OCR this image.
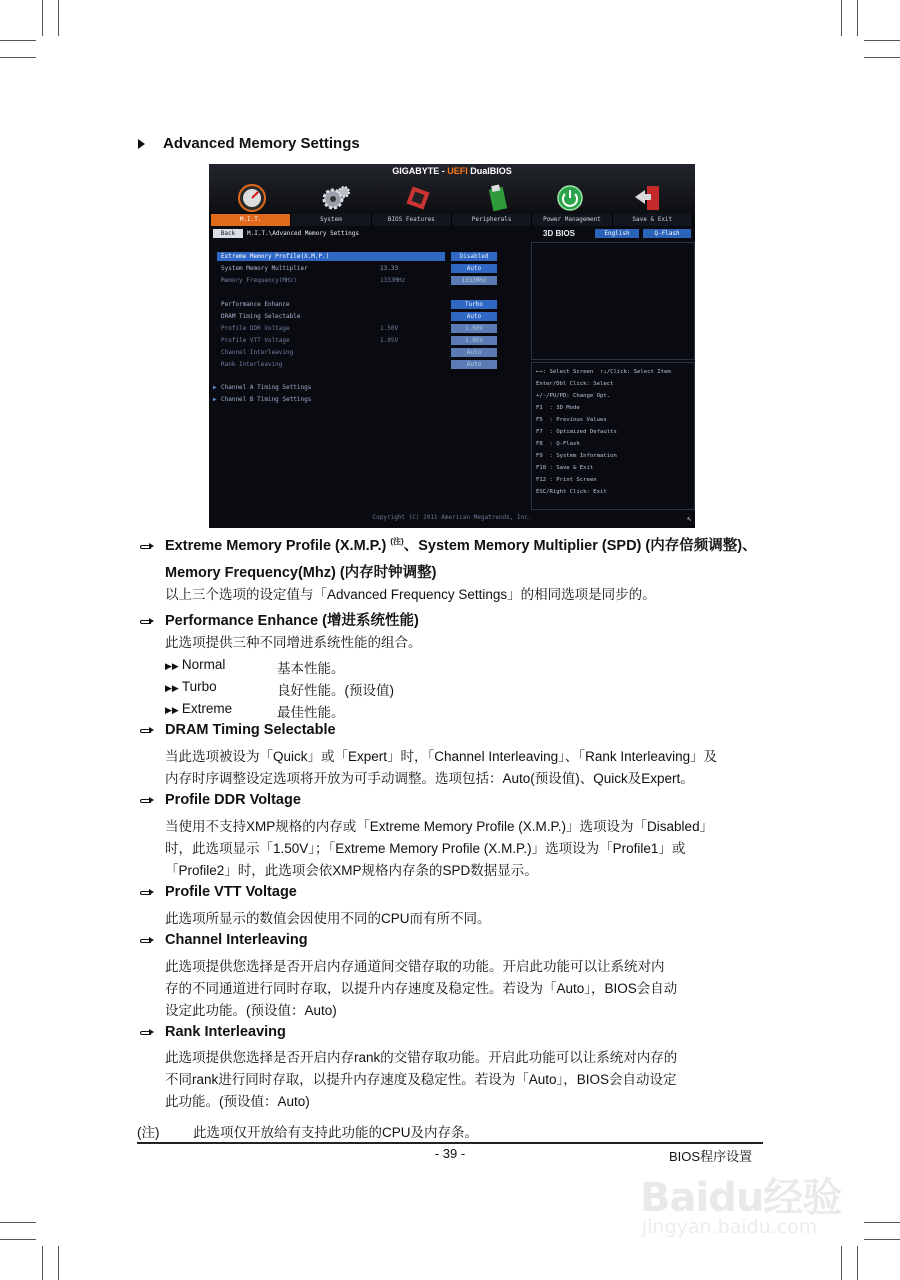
Advanced Memory Settings
GIGABYTE - UEFI DualBIOS
M.I.T.	System	BIOS Features	Peripherals	Power Management	Save & Exit
Back	M.I.T.\Advanced Memory Settings	3D BIOS	English	Q-Flash
Extreme Memory Profile(X.M.P.)	Disabled
System Memory Multiplier	13.33	Auto
Memory Frequency(MHz)	1333MHz	1333MHz
Performance Enhance	Turbo
DRAM Timing Selectable	Auto
Profile DDR Voltage	1.50V	1.50V
Profile VTT Voltage	1.05V	1.05V
Channel Interleaving	Auto
Rank Interleaving	Auto
▶ Channel A Timing Settings
▶ Channel B Timing Settings
←→: Select Screen  ↑↓/Click: Select Item
Enter/Dbl Click: Select
+/-/PU/PD: Change Opt.
F1  : 3D Mode
F5  : Previous Values
F7  : Optimized Defaults
F8  : Q-Flash
F9  : System Information
F10 : Save & Exit
F12 : Print Screen
ESC/Right Click: Exit
Copyright (C) 2011 American Megatrends, Inc.	↖
Extreme Memory Profile (X.M.P.) $^{(注)}$、System Memory Multiplier (SPD) (内存倍频调整)、
Memory Frequency(Mhz) (内存时钟调整)
以上三个选项的设定值与「Advanced Frequency Settings」的相同选项是同步的。
Performance Enhance (增进系统性能)
此选项提供三种不同增进系统性能的组合。
▶▶ Normal	基本性能。
▶▶ Turbo	良好性能。(预设值)
▶▶ Extreme	最佳性能。
DRAM Timing Selectable
当此选项被设为「Quick」或「Expert」时，「Channel Interleaving」、「Rank Interleaving」及
内存时序调整设定选项将开放为可手动调整。选项包括：Auto(预设值)、Quick及Expert。
Profile DDR Voltage
当使用不支持XMP规格的内存或「Extreme Memory Profile (X.M.P.)」选项设为「Disabled」
时，此选项显示「1.50V」；「Extreme Memory Profile (X.M.P.)」选项设为「Profile1」或
「Profile2」时，此选项会依XMP规格内存条的SPD数据显示。
Profile VTT Voltage
此选项所显示的数值会因使用不同的CPU而有所不同。
Channel Interleaving
此选项提供您选择是否开启内存通道间交错存取的功能。开启此功能可以让系统对内
存的不同通道进行同时存取，以提升内存速度及稳定性。若设为「Auto」，BIOS会自动
设定此功能。(预设值：Auto)
Rank Interleaving
此选项提供您选择是否开启内存rank的交错存取功能。开启此功能可以让系统对内存的
不同rank进行同时存取，以提升内存速度及稳定性。若设为「Auto」，BIOS会自动设定
此功能。(预设值：Auto)
(注) 此选项仅开放给有支持此功能的CPU及内存条。
- 39 -	BIOS程序设置
Baidu经验
jingyan.baidu.com
